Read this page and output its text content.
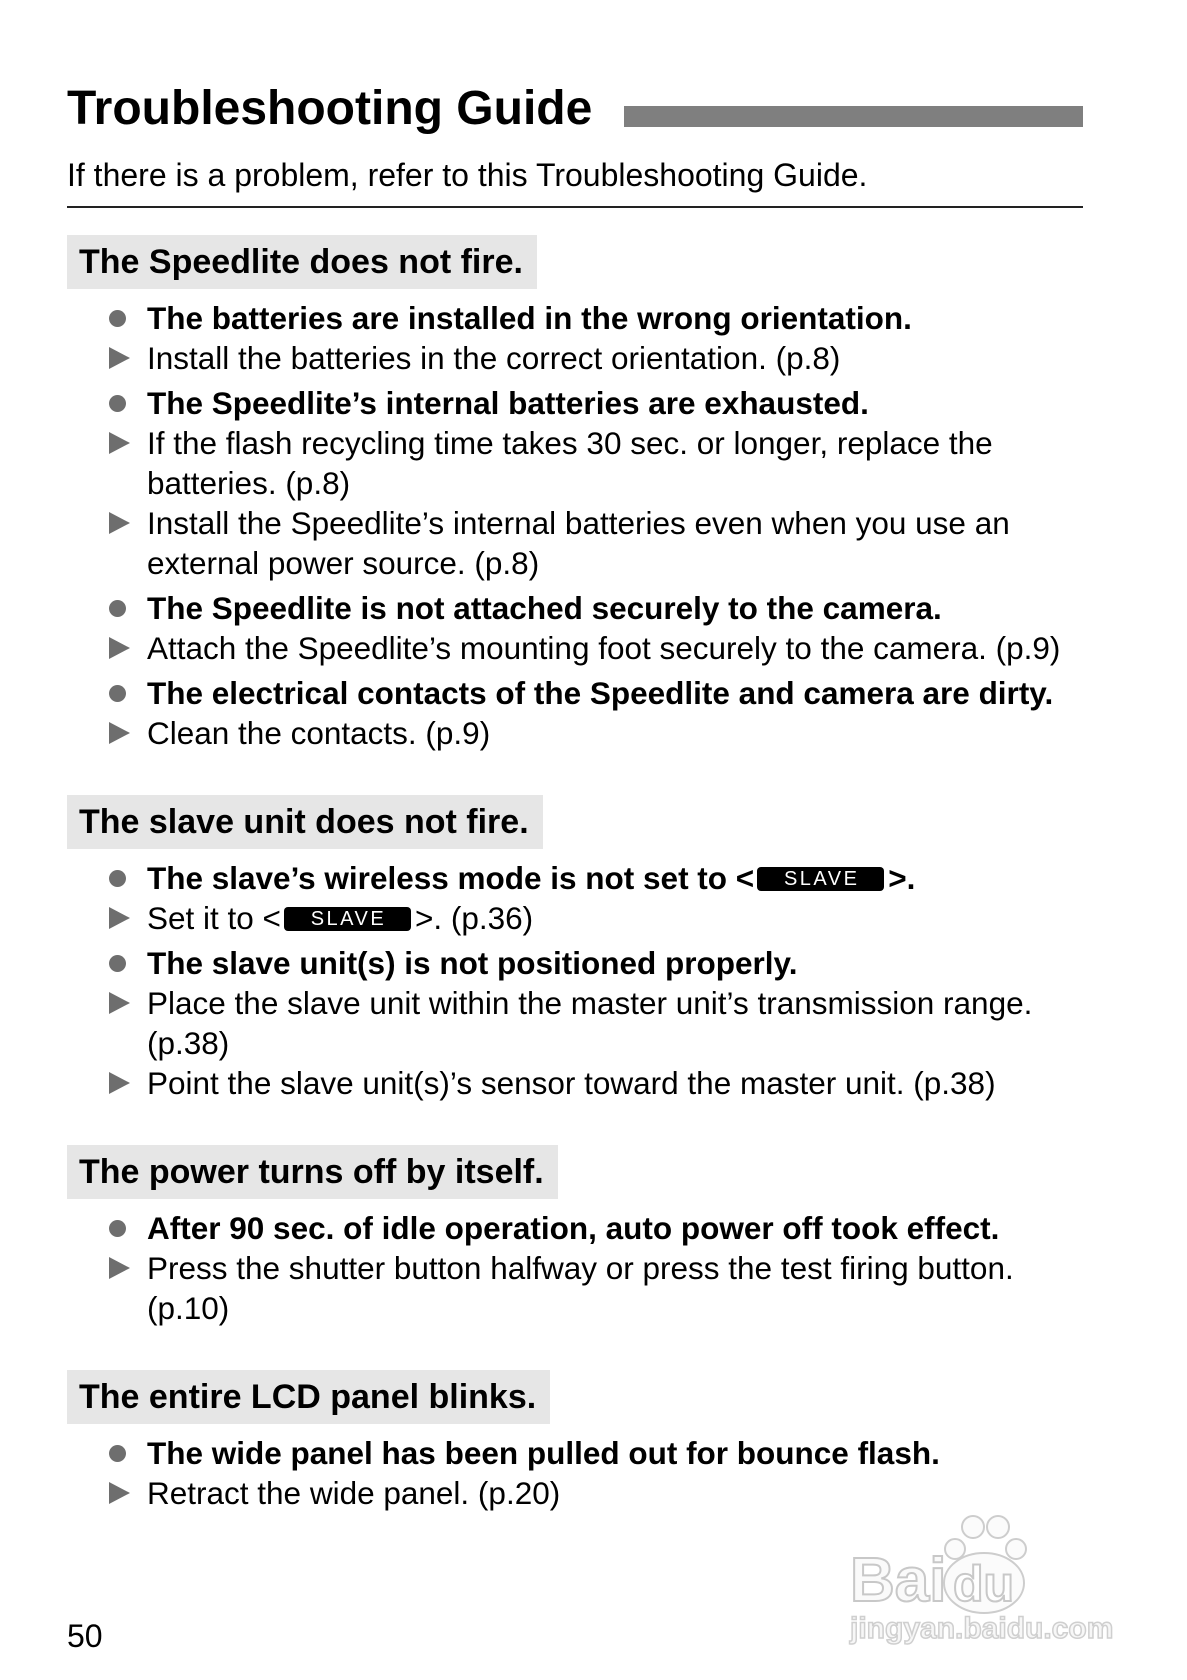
Troubleshooting Guide

If there is a problem, refer to this Troubleshooting Guide.

The Speedlite does not fire.
The batteries are installed in the wrong orientation.
Install the batteries in the correct orientation. (p.8)
The Speedlite’s internal batteries are exhausted.
If the flash recycling time takes 30 sec. or longer, replace the
batteries. (p.8)
Install the Speedlite’s internal batteries even when you use an
external power source. (p.8)
The Speedlite is not attached securely to the camera.
Attach the Speedlite’s mounting foot securely to the camera. (p.9)
The electrical contacts of the Speedlite and camera are dirty.
Clean the contacts. (p.9)
The slave unit does not fire.
The slave’s wireless mode is not set to < SLAVE >.
Set it to < SLAVE >. (p.36)
The slave unit(s) is not positioned properly.
Place the slave unit within the master unit’s transmission range.
(p.38)
Point the slave unit(s)’s sensor toward the master unit. (p.38)
The power turns off by itself.
After 90 sec. of idle operation, auto power off took effect.
Press the shutter button halfway or press the test firing button.
(p.10)
The entire LCD panel blinks.
The wide panel has been pulled out for bounce flash.
Retract the wide panel. (p.20)
50
Bai du
jingyan.baidu.com
